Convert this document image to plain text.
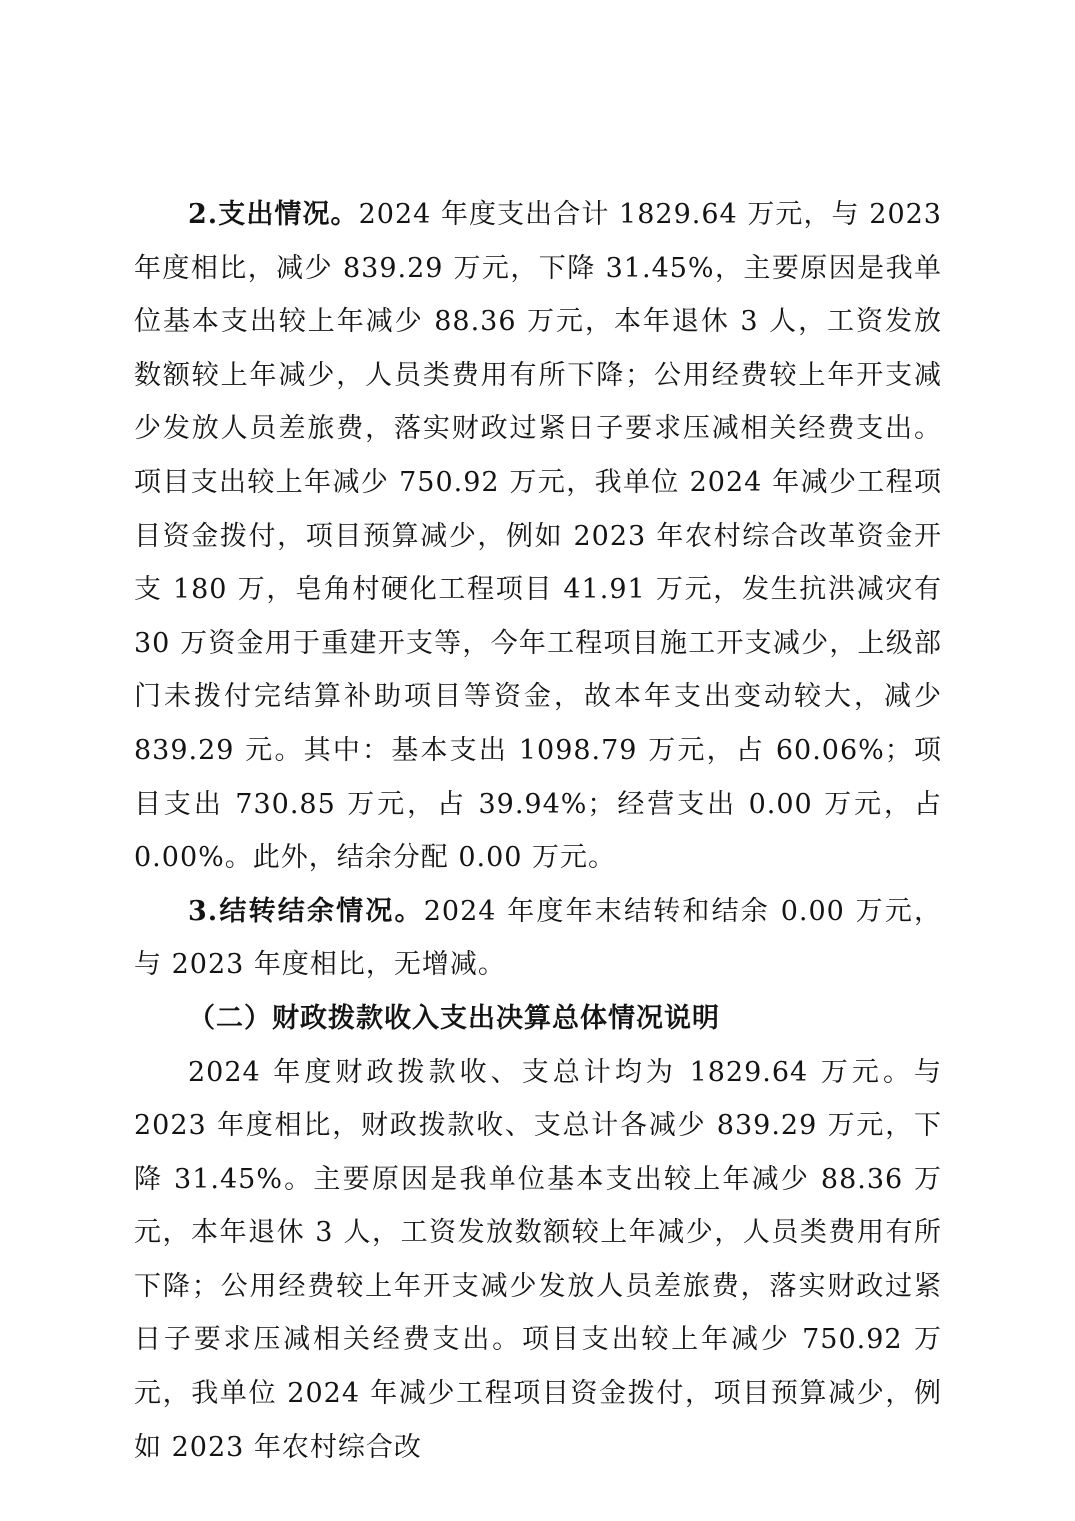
2.支出情况。2024 年度支出合计 1829.64 万元，与 2023 年度相比，减少 839.29 万元，下降 31.45%，主要原因是我单位基本支出较上年减少 88.36 万元，本年退休 3 人，工资发放数额较上年减少，人员类费用有所下降；公用经费较上年开支减少发放人员差旅费，落实财政过紧日子要求压减相关经费支出。项目支出较上年减少 750.92 万元，我单位 2024 年减少工程项目资金拨付，项目预算减少，例如 2023 年农村综合改革资金开支 180 万，皂角村硬化工程项目 41.91 万元，发生抗洪减灾有 30 万资金用于重建开支等，今年工程项目施工开支减少，上级部门未拨付完结算补助项目等资金，故本年支出变动较大，减少 839.29 元。其中：基本支出 1098.79 万元，占 60.06%；项目支出 730.85 万元，占 39.94%；经营支出 0.00 万元，占 0.00%。此外，结余分配 0.00 万元。

3.结转结余情况。2024 年度年末结转和结余 0.00 万元，与 2023 年度相比，无增减。

（二）财政拨款收入支出决算总体情况说明

2024 年度财政拨款收、支总计均为 1829.64 万元。与 2023 年度相比，财政拨款收、支总计各减少 839.29 万元，下降 31.45%。主要原因是我单位基本支出较上年减少 88.36 万元，本年退休 3 人，工资发放数额较上年减少，人员类费用有所下降；公用经费较上年开支减少发放人员差旅费，落实财政过紧日子要求压减相关经费支出。项目支出较上年减少 750.92 万元，我单位 2024 年减少工程项目资金拨付，项目预算减少，例如 2023 年农村综合改
